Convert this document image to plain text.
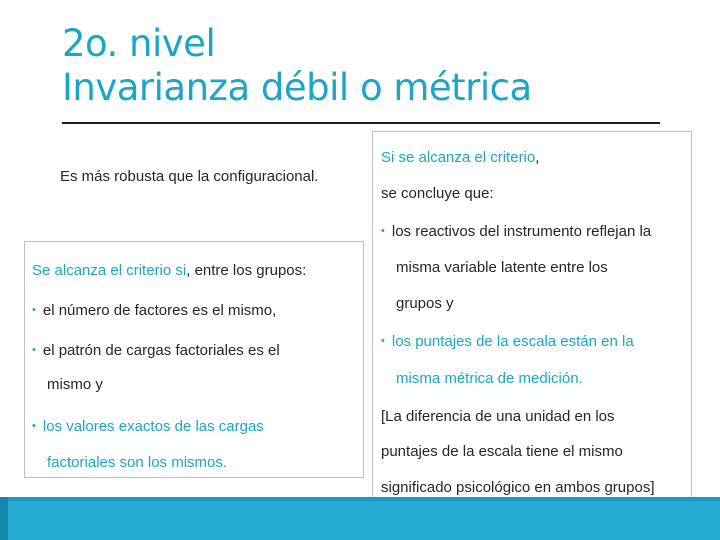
2o. nivel
Invarianza débil o métrica
Es más robusta que la configuracional.
Se alcanza el criterio si, entre los grupos:
• el número de factores es el mismo,
• el patrón de cargas factoriales es el
mismo y
• los valores exactos de las cargas
factoriales son los mismos.
Si se alcanza el criterio,
se concluye que:
• los reactivos del instrumento reflejan la
misma variable latente entre los
grupos y
• los puntajes de la escala están en la
misma métrica de medición.
[La diferencia de una unidad en los
puntajes de la escala tiene el mismo
significado psicológico en ambos grupos]
